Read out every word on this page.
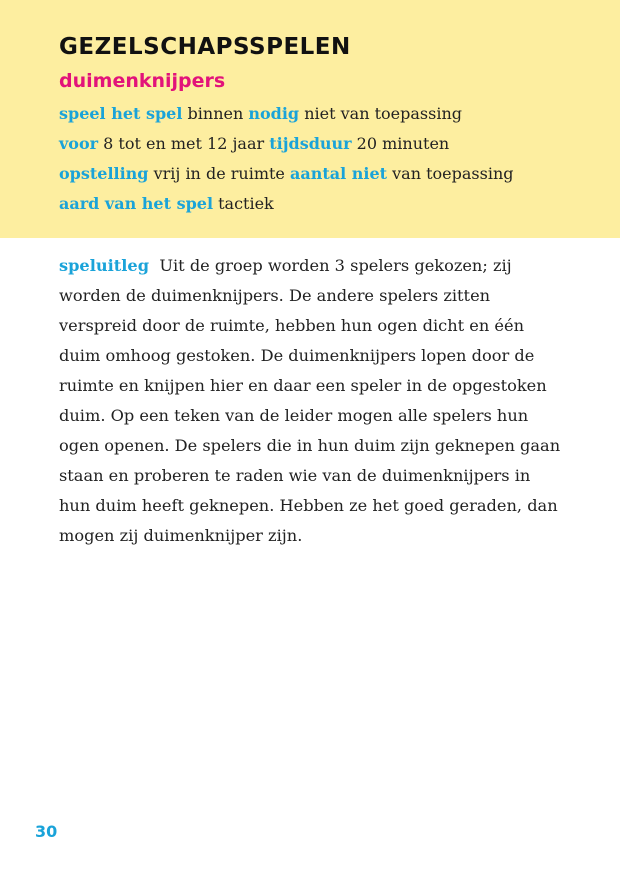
GEZELSCHAPSSPELEN
duimenknijpers
speel het spel binnen nodig niet van toepassing
voor 8 tot en met 12 jaar tijdsduur 20 minuten
opstelling vrij in de ruimte aantal niet van toepassing
aard van het spel tactiek

speluitleg Uit de groep worden 3 spelers gekozen; zij worden de duimenknijpers. De andere spelers zitten verspreid door de ruimte, hebben hun ogen dicht en één duim omhoog gestoken. De duimenknijpers lopen door de ruimte en knijpen hier en daar een speler in de opgestoken duim. Op een teken van de leider mogen alle spelers hun ogen openen. De spelers die in hun duim zijn geknepen gaan staan en proberen te raden wie van de duimenknijpers in hun duim heeft geknepen. Hebben ze het goed geraden, dan mogen zij duimenknijper zijn.

30
